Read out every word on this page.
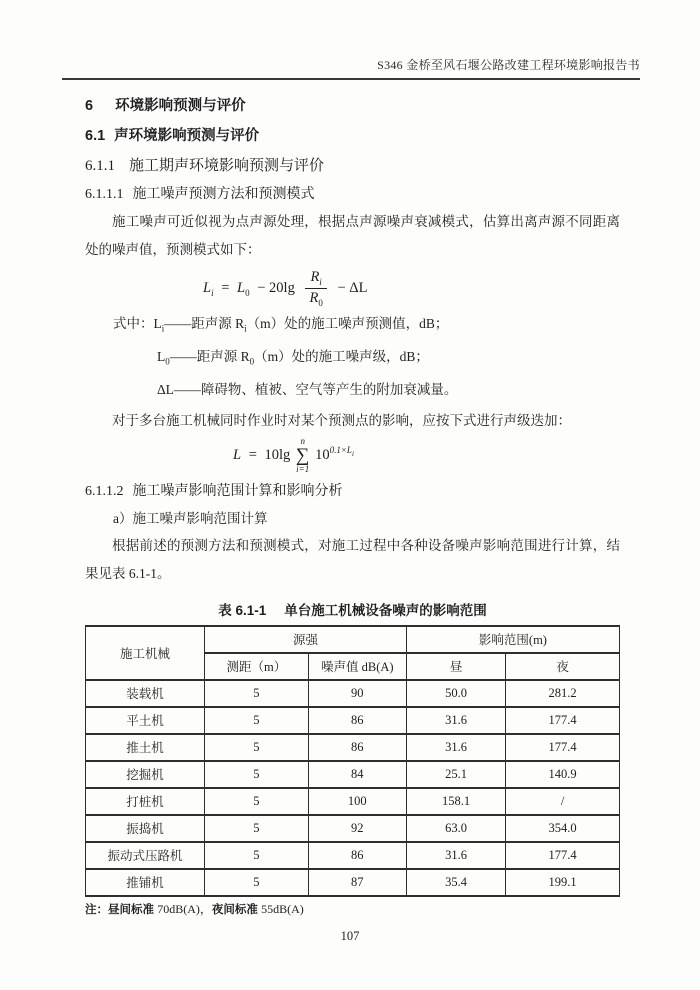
S346 金桥至风石堰公路改建工程环境影响报告书
6 环境影响预测与评价
6.1 声环境影响预测与评价
6.1.1 施工期声环境影响预测与评价
6.1.1.1 施工噪声预测方法和预测模式
施工噪声可近似视为点声源处理，根据点声源噪声衰减模式，估算出离声源不同距离处的噪声值，预测模式如下：
$L_i = L_0 - 20\lg \frac{R_i}{R_0} - \Delta L$
式中：$L_i——$距声源 $R_i(m)$处的施工噪声预测值，dB；
$L_0——$距声源 $R_0(m)$处的施工噪声级，dB；
ΔL——障碍物、植被、空气等产生的附加衰减量。
对于多台施工机械同时作业时对某个预测点的影响，应按下式进行声级迭加：
L = 10lg
n
∑
i=1
$10^{0.1\times L_i}$
6.1.1.2 施工噪声影响范围计算和影响分析
a）施工噪声影响范围计算
根据前述的预测方法和预测模式，对施工过程中各种设备噪声影响范围进行计算，结果见表 6.1-1。
表 6.1-1 单台施工机械设备噪声的影响范围
施工机械	源强		影响范围(m)	
	测距（m）	噪声值 dB(A)	昼	夜
装载机	5	90	50.0	281.2
平土机	5	86	31.6	177.4
推土机	5	86	31.6	177.4
挖掘机	5	84	25.1	140.9
打桩机	5	100	158.1	/
振捣机	5	92	63.0	354.0
振动式压路机	5	86	31.6	177.4
推铺机	5	87	35.4	199.1
注：昼间标准 70dB(A)，夜间标准 55dB(A)
107
